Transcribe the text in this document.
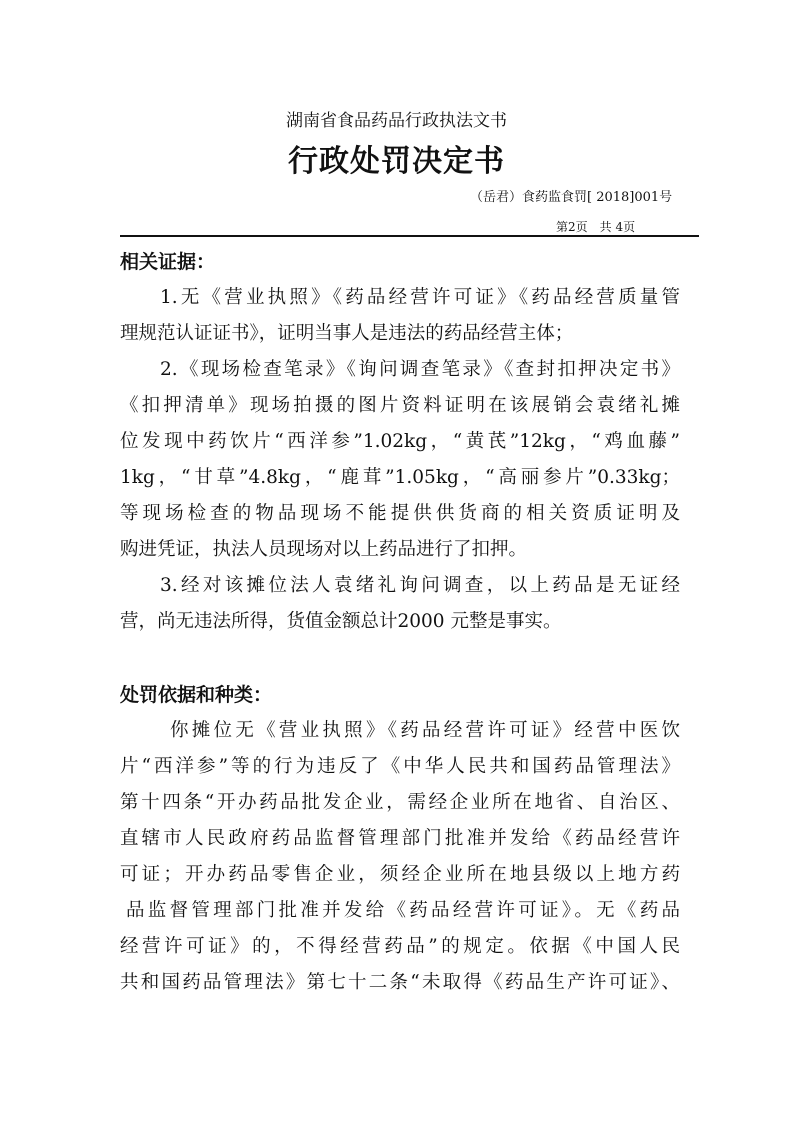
湖南省食品药品行政执法文书
行政处罚决定书
（岳君）食药监食罚[ 2018]001号
第2页　共 4页
相关证据：
1.无《营业执照》《药品经营许可证》《药品经营质量管
理规范认证证书》，证明当事人是违法的药品经营主体；
2.《现场检查笔录》《询问调查笔录》《查封扣押决定书》
《扣押清单》现场拍摄的图片资料证明在该展销会袁绪礼摊
位发现中药饮片“西洋参”1.02kg，“黄芪”12kg，“鸡血藤”
1kg，“甘草”4.8kg，“鹿茸”1.05kg，“高丽参片”0.33kg；
等现场检查的物品现场不能提供供货商的相关资质证明及
购进凭证，执法人员现场对以上药品进行了扣押。
3.经对该摊位法人袁绪礼询问调查，以上药品是无证经
营，尚无违法所得，货值金额总计2000 元整是事实。
处罚依据和种类：
你摊位无《营业执照》《药品经营许可证》经营中医饮
片“西洋参”等的行为违反了《中华人民共和国药品管理法》
第十四条“开办药品批发企业，需经企业所在地省、自治区、
直辖市人民政府药品监督管理部门批准并发给《药品经营许
可证；开办药品零售企业，须经企业所在地县级以上地方药
品监督管理部门批准并发给《药品经营许可证》。无《药品
经营许可证》的，不得经营药品”的规定。依据《中国人民
共和国药品管理法》第七十二条“未取得《药品生产许可证》、
